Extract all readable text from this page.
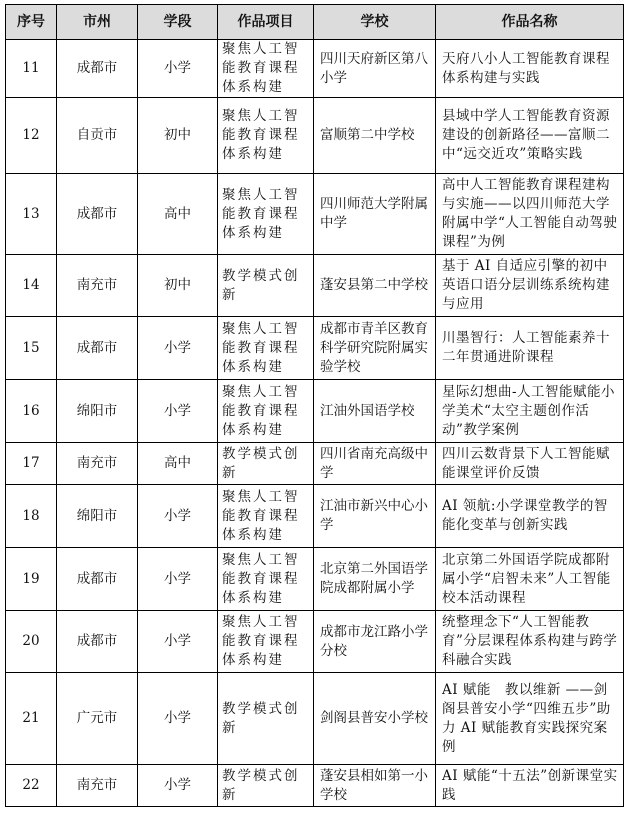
序号	市州	学段	作品项目	学校	作品名称
11	成都市	小学	聚焦人工智能教育课程体系构建	四川天府新区第八小学	天府八小人工智能教育课程体系构建与实践
12	自贡市	初中	聚焦人工智能教育课程体系构建	富顺第二中学校	县域中学人工智能教育资源建设的创新路径——富顺二中“远交近攻”策略实践
13	成都市	高中	聚焦人工智能教育课程体系构建	四川师范大学附属中学	高中人工智能教育课程建构与实施——以四川师范大学附属中学“人工智能自动驾驶课程”为例
14	南充市	初中	教学模式创新	蓬安县第二中学校	基于 AI 自适应引擎的初中英语口语分层训练系统构建与应用
15	成都市	小学	聚焦人工智能教育课程体系构建	成都市青羊区教育科学研究院附属实验学校	川墨智行：人工智能素养十二年贯通进阶课程
16	绵阳市	小学	聚焦人工智能教育课程体系构建	江油外国语学校	星际幻想曲-人工智能赋能小学美术“太空主题创作活动”教学案例
17	南充市	高中	教学模式创新	四川省南充高级中学	四川云数背景下人工智能赋能课堂评价反馈
18	绵阳市	小学	聚焦人工智能教育课程体系构建	江油市新兴中心小学	AI 领航:小学课堂教学的智能化变革与创新实践
19	成都市	小学	聚焦人工智能教育课程体系构建	北京第二外国语学院成都附属小学	北京第二外国语学院成都附属小学“启智未来”人工智能校本活动课程
20	成都市	小学	聚焦人工智能教育课程体系构建	成都市龙江路小学分校	统整理念下“人工智能教育”分层课程体系构建与跨学科融合实践
21	广元市	小学	教学模式创新	剑阁县普安小学校	AI 赋能　教以维新 ——剑阁县普安小学“四维五步”助力 AI 赋能教育实践探究案例
22	南充市	小学	教学模式创新	蓬安县相如第一小学校	AI 赋能“十五法”创新课堂实践
